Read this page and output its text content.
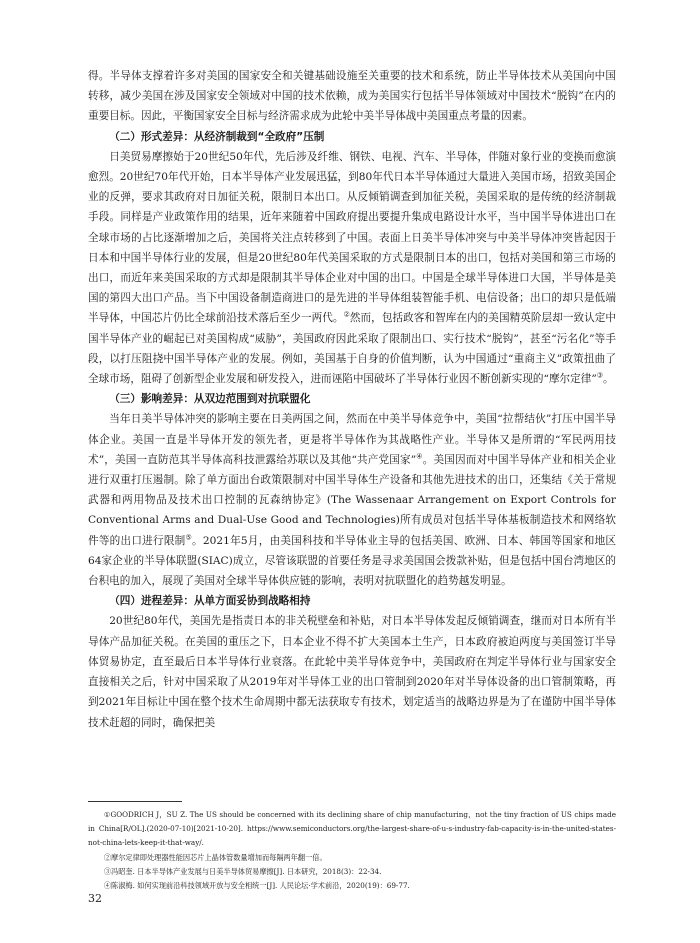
得。半导体支撑着许多对美国的国家安全和关键基础设施至关重要的技术和系统，防止半导体技术从美国向中国转移，减少美国在涉及国家安全领域对中国的技术依赖，成为美国实行包括半导体领域对中国技术“脱钩”在内的重要目标。因此，平衡国家安全目标与经济需求成为此轮中美半导体战中美国重点考量的因素。

（二）形式差异：从经济制裁到“全政府”压制

日美贸易摩擦始于20世纪50年代，先后涉及纤维、钢铁、电视、汽车、半导体，伴随对象行业的变换而愈演愈烈。20世纪70年代开始，日本半导体产业发展迅猛，到80年代日本半导体通过大量进入美国市场，招致美国企业的反弹，要求其政府对日加征关税，限制日本出口。从反倾销调查到加征关税，美国采取的是传统的经济制裁手段。同样是产业政策作用的结果，近年来随着中国政府提出要提升集成电路设计水平，当中国半导体进出口在全球市场的占比逐渐增加之后，美国将关注点转移到了中国。表面上日美半导体冲突与中美半导体冲突皆起因于日本和中国半导体行业的发展，但是20世纪80年代美国采取的方式是限制日本的出口，包括对美国和第三市场的出口，而近年来美国采取的方式却是限制其半导体企业对中国的出口。中国是全球半导体进口大国，半导体是美国的第四大出口产品。当下中国设备制造商进口的是先进的半导体组装智能手机、电信设备；出口的却只是低端半导体，中国芯片仍比全球前沿技术落后至少一两代。②然而，包括政客和智库在内的美国精英阶层却一致认定中国半导体产业的崛起已对美国构成“威胁”，美国政府因此采取了限制出口、实行技术“脱钩”，甚至“污名化”等手段，以打压阻挠中国半导体产业的发展。例如，美国基于自身的价值判断，认为中国通过“重商主义”政策扭曲了全球市场，阻碍了创新型企业发展和研发投入，进而诬陷中国破坏了半导体行业因不断创新实现的“摩尔定律”③。

（三）影响差异：从双边范围到对抗联盟化

当年日美半导体冲突的影响主要在日美两国之间，然而在中美半导体竞争中，美国“拉帮结伙”打压中国半导体企业。美国一直是半导体开发的领先者，更是将半导体作为其战略性产业。半导体又是所谓的“军民两用技术”，美国一直防范其半导体高科技泄露给苏联以及其他“共产党国家”④。美国因而对中国半导体产业和相关企业进行双重打压遏制。除了单方面出台政策限制对中国半导体生产设备和其他先进技术的出口，还集结《关于常规武器和两用物品及技术出口控制的瓦森纳协定》(The Wassenaar Arrangement on Export Controls for Conventional Arms and Dual-Use Good and Technologies)所有成员对包括半导体基板制造技术和网络软件等的出口进行限制⑤。2021年5月，由美国科技和半导体业主导的包括美国、欧洲、日本、韩国等国家和地区64家企业的半导体联盟(SIAC)成立，尽管该联盟的首要任务是寻求美国国会拨款补贴，但是包括中国台湾地区的台积电的加入，展现了美国对全球半导体供应链的影响，表明对抗联盟化的趋势越发明显。

（四）进程差异：从单方面妥协到战略相持

20世纪80年代，美国先是指责日本的非关税壁垒和补贴，对日本半导体发起反倾销调查，继而对日本所有半导体产品加征关税。在美国的重压之下，日本企业不得不扩大美国本土生产，日本政府被迫两度与美国签订半导体贸易协定，直至最后日本半导体行业衰落。在此轮中美半导体竞争中，美国政府在判定半导体行业与国家安全直接相关之后，针对中国采取了从2019年对半导体工业的出口管制到2020年对半导体设备的出口管制策略，再到2021年目标让中国在整个技术生命周期中都无法获取专有技术，划定适当的战略边界是为了在谨防中国半导体技术赶超的同时，确保把美

①GOODRICH J，SU Z. The US should be concerned with its declining share of chip manufacturing，not the tiny fraction of US chips made in China[R/OL].(2020-07-10)[2021-10-20]. https://www.semiconductors.org/the-largest-share-of-u-s-industry-fab-capacity-is-in-the-united-states-not-china-lets-keep-it-that-way/.

②摩尔定律即处理器性能因芯片上晶体管数量增加而每隔两年翻一倍。

③冯昭奎. 日本半导体产业发展与日美半导体贸易摩擦[J]. 日本研究，2018(3)：22-34.

④陈淑梅. 如何实现前沿科技领域开放与安全相统一[J]. 人民论坛·学术前沿，2020(19)：69-77.

32
